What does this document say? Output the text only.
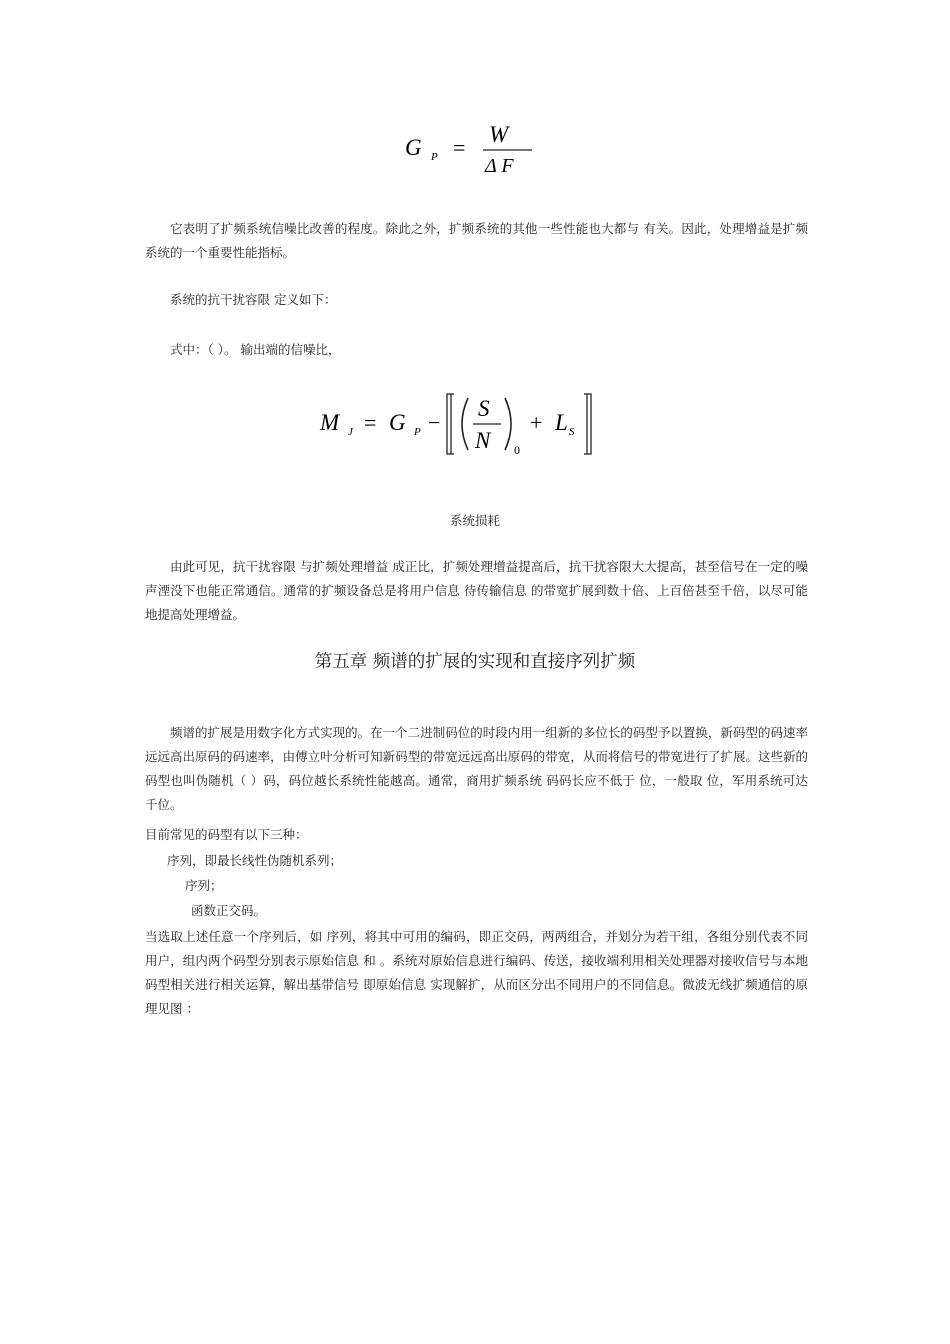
G P =
W
Δ F
它表明了扩频系统信噪比改善的程度。除此之外，扩频系统的其他一些性能也大都与 有关。因此，处理增益是扩频系统的一个重要性能指标。
系统的抗干扰容限 定义如下：
式中：（ ）。 输出端的信噪比，
M J = G P −
S
N 0
+ L S
系统损耗
由此可见，抗干扰容限 与扩频处理增益 成正比，扩频处理增益提高后，抗干扰容限大大提高，甚至信号在一定的噪声湮没下也能正常通信。通常的扩频设备总是将用户信息 待传输信息 的带宽扩展到数十倍、上百倍甚至千倍，以尽可能地提高处理增益。
第五章 频谱的扩展的实现和直接序列扩频
频谱的扩展是用数字化方式实现的。在一个二进制码位的时段内用一组新的多位长的码型予以置换，新码型的码速率远远高出原码的码速率，由傅立叶分析可知新码型的带宽远远高出原码的带宽，从而将信号的带宽进行了扩展。这些新的码型也叫伪随机（ ）码，码位越长系统性能越高。通常，商用扩频系统 码码长应不低于 位，一般取 位，军用系统可达千位。
目前常见的码型有以下三种：
序列，即最长线性伪随机系列；
序列；
函数正交码。
当选取上述任意一个序列后，如 序列，将其中可用的编码，即正交码，两两组合，并划分为若干组，各组分别代表不同用户，组内两个码型分别表示原始信息 和 。系统对原始信息进行编码、传送，接收端利用相关处理器对接收信号与本地码型相关进行相关运算，解出基带信号 即原始信息 实现解扩，从而区分出不同用户的不同信息。微波无线扩频通信的原理见图 ：
